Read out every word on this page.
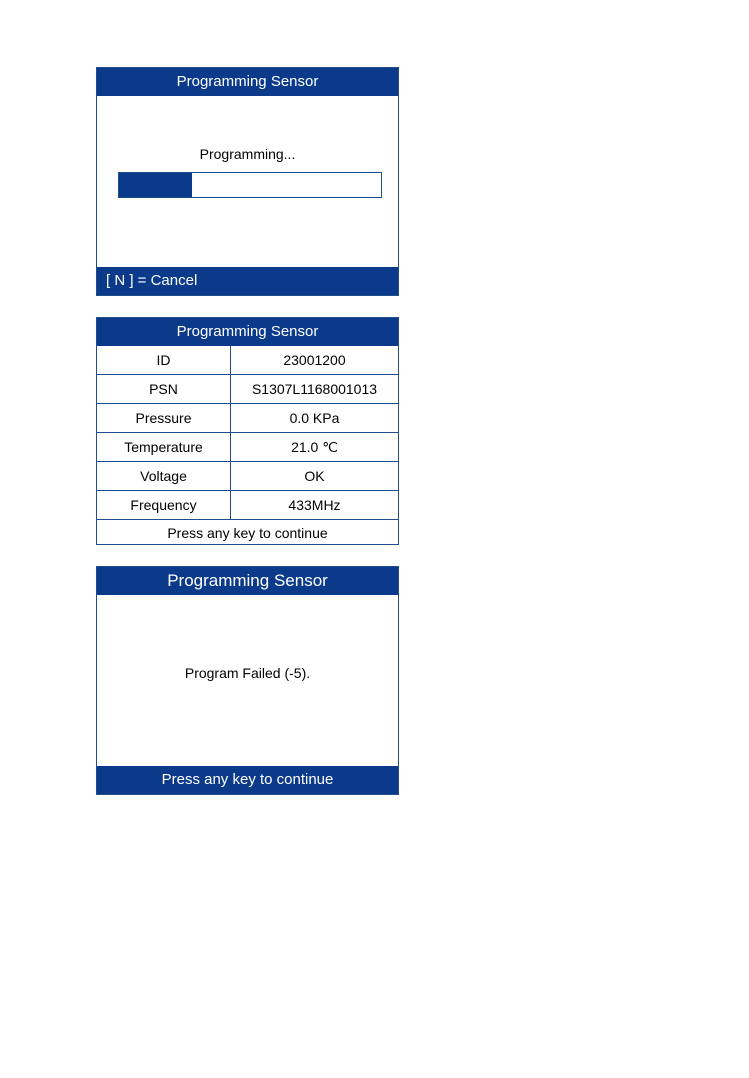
Programming Sensor
Programming...
[ N ] = Cancel
Programming Sensor
ID	23001200
PSN	S1307L1168001013
Pressure	0.0 KPa
Temperature	21.0 ℃
Voltage	OK
Frequency	433MHz
Press any key to continue
Programming Sensor
Program Failed (-5).
Press any key to continue
